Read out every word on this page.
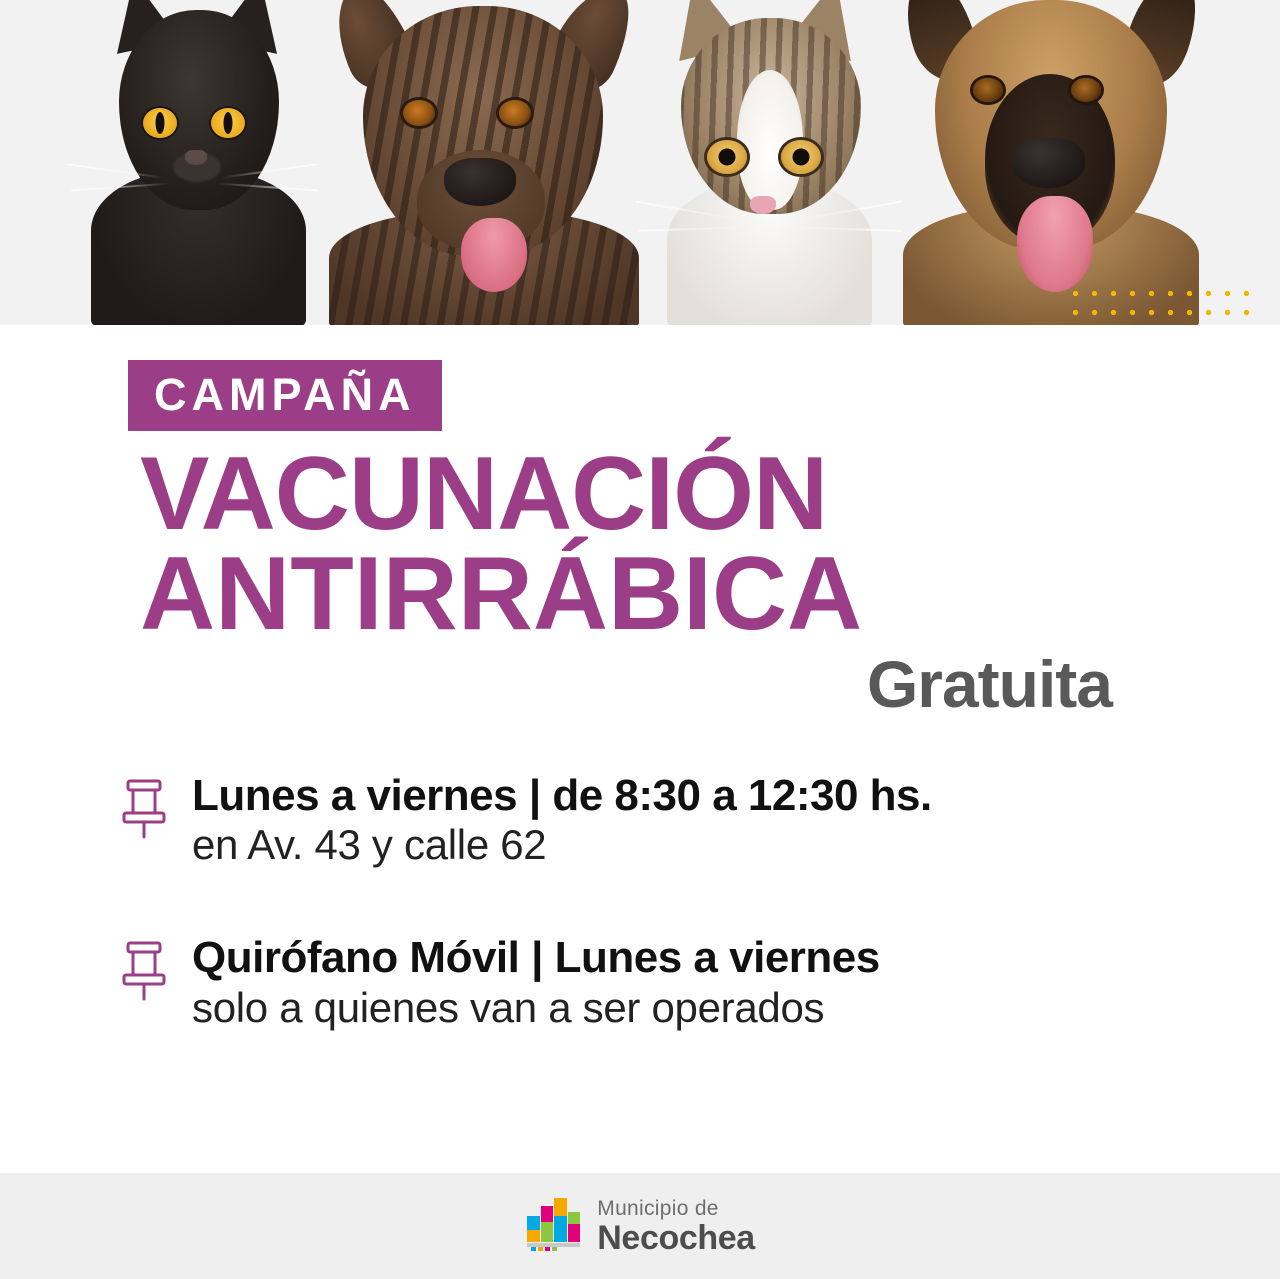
CAMPAÑA
VACUNACIÓN
ANTIRRÁBICA
Gratuita
Lunes a viernes | de 8:30 a 12:30 hs.
en Av. 43 y calle 62
Quirófano Móvil | Lunes a viernes
solo a quienes van a ser operados
Municipio de
Necochea
